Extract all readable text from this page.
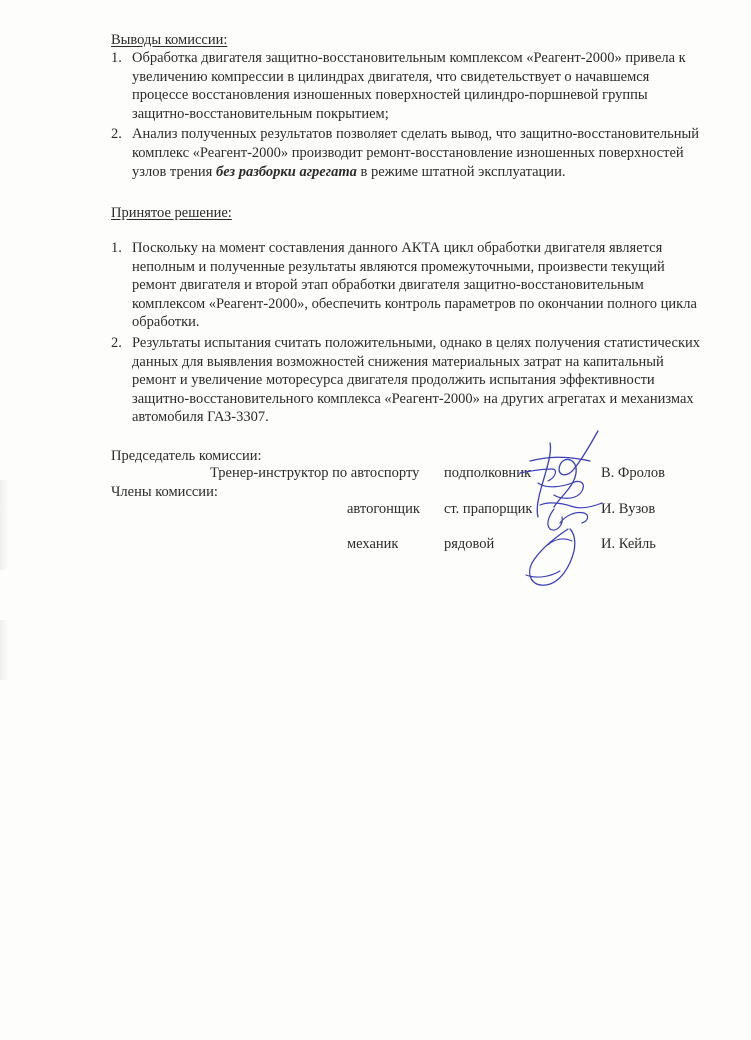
Выводы комиссии:
1. Обработка двигателя защитно-восстановительным комплексом «Реагент-2000» привела к увеличению компрессии в цилиндрах двигателя, что свидетельствует о начавшемся процессе восстановления изношенных поверхностей цилиндро-поршневой группы защитно-восстановительным покрытием;
2. Анализ полученных результатов позволяет сделать вывод, что защитно-восстановительный комплекс «Реагент-2000» производит ремонт-восстановление изношенных поверхностей узлов трения без разборки агрегата в режиме штатной эксплуатации.
Принятое решение:
1. Поскольку на момент составления данного АКТА цикл обработки двигателя является неполным и полученные результаты являются промежуточными, произвести текущий ремонт двигателя и второй этап обработки двигателя защитно-восстановительным комплексом «Реагент-2000», обеспечить контроль параметров по окончании полного цикла обработки.
2. Результаты испытания считать положительными, однако в целях получения статистических данных для выявления возможностей снижения материальных затрат на капитальный ремонт и увеличение моторесурса двигателя продолжить испытания эффективности защитно-восстановительного комплекса «Реагент-2000» на других агрегатах и механизмах автомобиля ГАЗ-3307.
Председатель комиссии:
Члены комиссии:
Тренер-инструктор по автоспорту подполковник	В. Фролов
автогонщик ст. прапорщик	И. Вузов
механик	рядовой	И. Кейль
